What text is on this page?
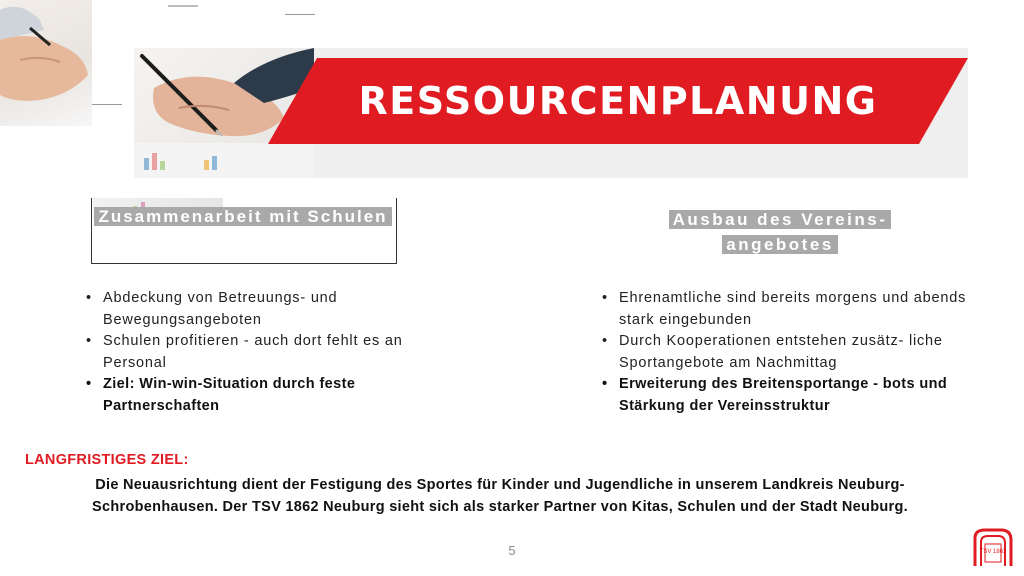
RESSOURCENPLANUNG
Zusammenarbeit mit Schulen	Ausbau des Vereins-
angebotes
• Abdeckung von Betreuungs- und Bewegungsangeboten
• Schulen profitieren - auch dort fehlt es an Personal
• Ziel: Win-win-Situation durch feste Partnerschaften
• Ehrenamtliche sind bereits morgens und abends stark eingebunden
• Durch Kooperationen entstehen zusätz- liche Sportangebote am Nachmittag
• Erweiterung des Breitensportange - bots und Stärkung der Vereinsstruktur
LANGFRISTIGES ZIEL:
Die Neuausrichtung dient der Festigung des Sportes für Kinder und Jugendliche in unserem Landkreis Neuburg-Schrobenhausen. Der TSV 1862 Neuburg sieht sich als starker Partner von Kitas, Schulen und der Stadt Neuburg.
5	TSV 1862
